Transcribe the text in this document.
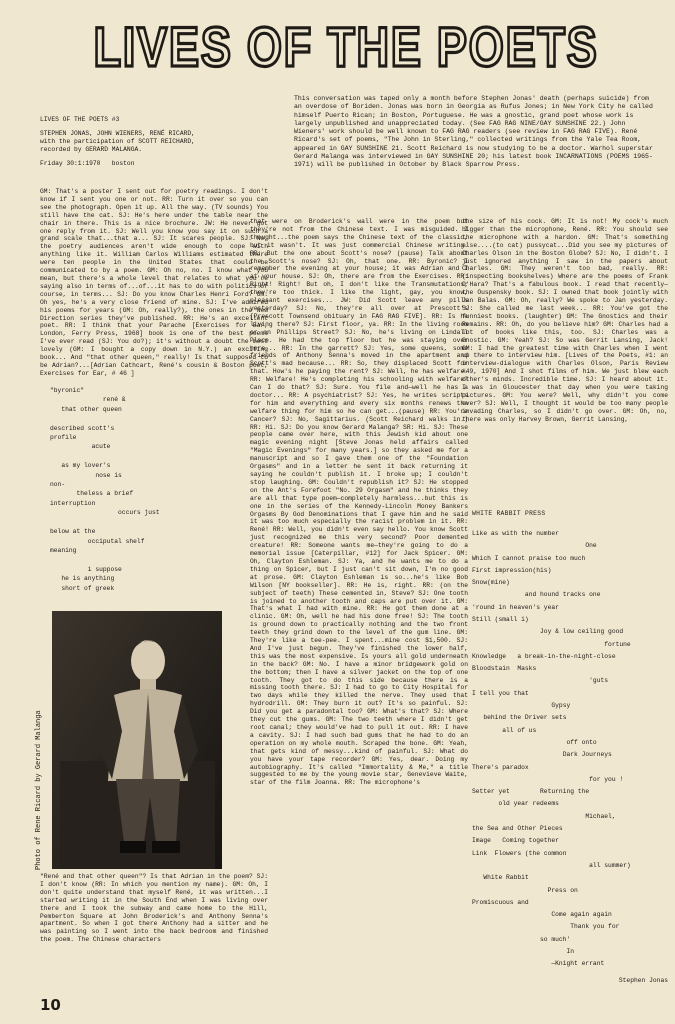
LIVES OF THE POETS

LIVES OF THE POETS #3

STEPHEN JONAS, JOHN WIENERS, RENÉ RICARD,

with the participation of SCOTT REICHARD,

recorded by GERARD MALANGA.

Friday 30:1:1970   boston

This conversation was taped only a month before Stephen Jonas' death (perhaps suicide) from an overdose of Boriden. Jonas was born in Georgia as Rufus Jones; in New York City he called himself Puerto Rican; in Boston, Portuguese. He was a gnostic, grand poet whose work is largely unpublished and unappreciated today. (See FAG RAG NINE/GAY SUNSHINE 22.) John Wieners' work should be well known to FAG RAG readers (see review in FAG RAG FIVE). René Ricard's set of poems, "The John in Sterling," collected writings from the Yale Tea Room, appeared in GAY SUNSHINE 21. Scott Reichard is now studying to be a doctor. Warhol superstar Gerard Malanga was interviewed in GAY SUNSHINE 20; his latest book INCARNATIONS (POEMS 1965-1971) will be published in October by Black Sparrow Press.

GM: That's a poster I sent out for poetry readings. I don't know if I sent you one or not. RR: Turn it over so you can see the photograph. Open it up. All the way. (TV sounds) You still have the cat. SJ: He's here under the table near the chair in there. This is a nice brochure. JW: He never got one reply from it. SJ: Well you know you say it on such a grand scale that...that a... SJ: It scares people. SJ: No, the poetry audiences aren't wide enough to cope with anything like it. William Carlos Williams estimated there were ten people in the United States that could be communicated to by a poem. GM: Oh no, no. I know what you mean, but there's a whole level that relates to what you're saying also in terms of...of...it has to do with politics of course, in terms... SJ: Do you know Charles Henri Ford? GM: Oh yes, he's a very close friend of mine. SJ: I've admired his poems for years (GM: Oh, really?), the ones in the New Direction series they've published. RR: He's an excellent poet. RR: I think that your Parache [Exercises for Ear, London, Ferry Press, 1968] book is one of the best poems I've ever read (SJ: You do?); it's without a doubt the most lovely (GM: I bought a copy down in N.Y.) an exciting book... And "that other queen," really! Is that supposed to be Adrian?...[Adrian Cathcart, René's cousin & Boston poet, Exercises for Ear, # 46 ]

"byronic"

rené &

that other queen

described scott's

profile

acute

as my lover's

nose is

non-

theless a brief

interruption

occurs just

below at the

occiputal shelf

meaning

i suppose

he is anything

short of greek

Photo of Rene Ricard by Gerard Malanga

"René and that other queen"? Is that Adrian in the poem? SJ: I don't know (RR: In which you mention my name). GM: Oh, I don't quite understand that myself René, it was written...I started writing it in the South End when I was living over there and I took the subway and came home to the Hill, Pemberton Square at John Broderick's and Anthony Senna's apartment. So when I got there Anthony had a sitter and he was painting so I went into the back bedroom and finished the poem. The Chinese characters

that were on Broderick's wall were in the poem but they're not from the Chinese text. I was misguided. I thought...the poem says the Chinese text of the classic, but it wasn't. It was just commercial Chinese writing. RR: But the one about Scott's nose? (pause) Talk about the Scott's nose? SJ: Oh, that one. RR: Byronic? I remember the evening at your house; it was Adrian and I at your house. SJ: Oh, there are from the Exercises. RR: Right! Right! But oh, I don't like the Transmutations; they're too thick. I like the light, gay, you know, pleasant exercises... JW: Did Scott leave any pills yesterday? SJ: No, they're all over at Prescott's [Prescott Townsend obituary in FAG RAG FIVE]. RR: Is he living there? SJ: First floor, ya. RR: In the living room or on Phillips Street? SJ: No, he's living on Lindall Place. He had the top floor but he was staying over here... RR: In the garrett? SJ: Yes, some queens, some friends of Anthony Senna's moved in the apartment and Scott's mad because... RR: So, they displaced Scott for that. How's he paying the rent? SJ: Well, he has welfare. RR: Welfare! He's completing his schooling with welfare? Can I do that? SJ: Sure. You file and—well he has a doctor... RR: A psychiatrist? SJ: Yes, he writes scripts for him and everything and every six months renews the welfare thing for him so he can get...(pause) RR: You're Cancer? SJ: No, Sagittarius. (Scott Reichard walks in.) RR: Hi. SJ: Do you know Gerard Malanga? SR: Hi. SJ: These people came over here, with this Jewish kid about one magic evening night [Steve Jonas held affairs called "Magic Evenings" for many years.] so they asked me for a manuscript and so I gave them one of the "Foundation Orgasms" and in a letter he sent it back returning it saying he couldn't publish it. I broke up; I couldn't stop laughing. GM: Couldn't republish it? SJ: He stopped on the Ant's Forefoot "No. 29 Orgasm" and he thinks they are all that type poem—completely harmless...but this is one in the series of the Kennedy-Lincoln Money Bankers Orgasms By God Denominations that I gave him and he said it was too much especially the racist problem in it. RR: René! RR: Well, you didn't even say hello. You know Scott just recognized me this very second? Poor demented creature! RR: Someone wants me—they're going to do a memorial issue [Caterpillar, #12] for Jack Spicer. GM: Oh, Clayton Eshleman. SJ: Ya, and he wants me to do a thing on Spicer, but I just can't sit down, I'm no good at prose. GM: Clayton Eshleman is so...he's like Bob Wilson [NY bookseller]. RR: He is, right. RR: (on the subject of teeth) These cemented in, Steve? SJ: One tooth is joined to another tooth and caps are put over it. GM: That's what I had with mine. RR: He got them done at a clinic. GM: Oh, well he had his done free! SJ: The tooth is ground down to practically nothing and the two front teeth they grind down to the level of the gum line. GM: They're like a tee-pee. I spent...mine cost $1,500. SJ: And I've just begun. They've finished the lower half, this was the most expensive. Is yours all gold underneath in the back? GM: No. I have a minor bridgework gold on the bottom; then I have a silver jacket on the top of one tooth. They got to do this side because there is a missing tooth there. SJ: I had to go to City Hospital for two days while they killed the nerve. They used that hydrodrill. GM: They burn it out? It's so painful. SJ: Did you get a paradontal too? GM: What's that? SJ: Where they cut the gums. GM: The two teeth where I didn't get root canal; they would've had to pull it out. RR: I have a cavity. SJ: I had such bad gums that he had to do an operation on my whole mouth. Scraped the bone. GM: Yeah, that gets kind of messy...kind of painful. SJ: What do you have your tape recorder? GM: Yes, dear. Doing my autobiography. It's called "Immortality & Me," a title suggested to me by the young movie star, Genevieve Waite, star of the film Joanna. RR: The microphone's

the size of his cock. GM: It is not! My cock's much bigger than the microphone, René. RR: You should see the microphone with a hardon. GM: That's something else....(to cat) pussycat...Did you see my pictures of Charles Olson in the Boston Globe? SJ: No, I didn't. I just ignored anything I saw in the papers about Charles. GM: They weren't too bad, really. RR: (inspecting bookshelves) Where are the poems of Frank O'Hara? That's a fabulous book. I read that recently—the Ouspensky book. SJ: I owned that book jointly with Jan Balas. GM: Oh, really? We spoke to Jan yesterday. SJ: She called me last week... RR: You've got the funniest books. (laughter) GM: The Gnostics and their Remains. RR: Oh, do you believe him? GM: Charles had a lot of books like this, too. SJ: Charles was a Gnostic. GM: Yeah? SJ: So was Gerrit Lansing, Jack! GM: I had the greatest time with Charles when I went up there to interview him. [Lives of the Poets, #1: an interview-dialogue with Charles Olson, Paris Review #49, 1970] And I shot films of him. We just blew each other's minds. Incredible time. SJ: I heard about it. I was in Gloucester that day when you were taking pictures. GM: You were? Well, why didn't you come over? SJ: Well, I thought it would be too many people invading Charles, so I didn't go over. GM: Oh, no, there was only Harvey Brown, Gerrit Lansing,

WHITE RABBIT PRESS

Like as with the number

One

Which I cannot praise too much

First impression(his)

Snow(mine)

and hound tracks one

'round in heaven's year

Still (small i)

Joy & low ceiling good

fortune

Knowledge   a break-in-the-night-close

Bloodstain  Masks

'guts

I tell you that

Gypsy

behind the Driver sets

all of us

off onto

Dark Journeys

There's paradox

for you !

Setter yet        Returning the

old year redeems

Michael,

the Sea and Other Pieces

Image   Coming together

Link  Flowers (the common

all summer)

White Rabbit

Press on

Promiscuous and

Come again again

Thank you for

so much'

In

—Knight errant

Stephen Jonas

10
